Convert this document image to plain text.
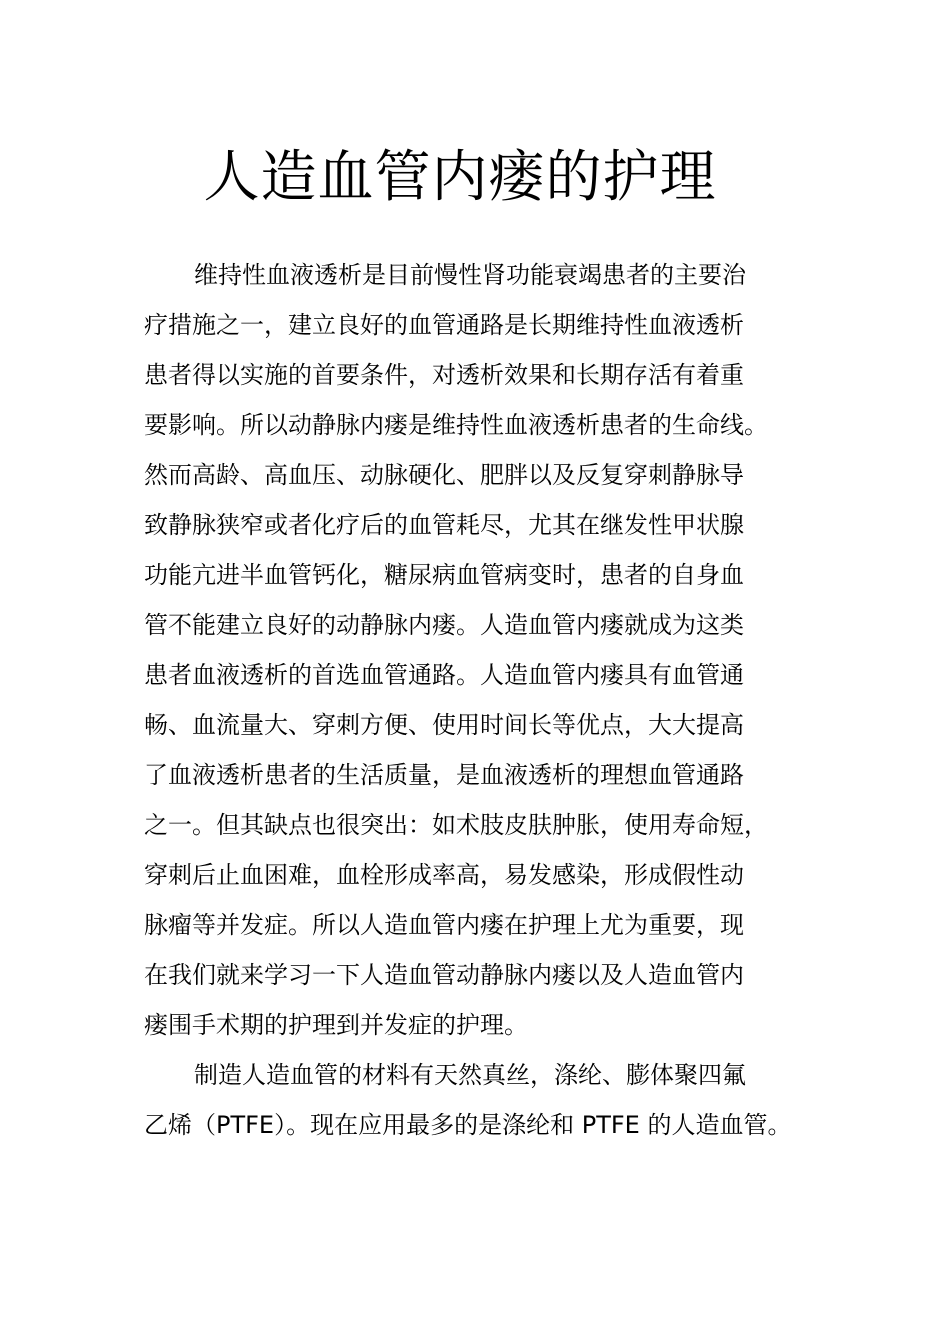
人造血管内瘘的护理
维持性血液透析是目前慢性肾功能衰竭患者的主要治
疗措施之一，建立良好的血管通路是长期维持性血液透析
患者得以实施的首要条件，对透析效果和长期存活有着重
要影响。所以动静脉内瘘是维持性血液透析患者的生命线。
然而高龄、高血压、动脉硬化、肥胖以及反复穿刺静脉导
致静脉狭窄或者化疗后的血管耗尽，尤其在继发性甲状腺
功能亢进半血管钙化，糖尿病血管病变时，患者的自身血
管不能建立良好的动静脉内瘘。人造血管内瘘就成为这类
患者血液透析的首选血管通路。人造血管内瘘具有血管通
畅、血流量大、穿刺方便、使用时间长等优点，大大提高
了血液透析患者的生活质量，是血液透析的理想血管通路
之一。但其缺点也很突出：如术肢皮肤肿胀，使用寿命短，
穿刺后止血困难，血栓形成率高，易发感染，形成假性动
脉瘤等并发症。所以人造血管内瘘在护理上尤为重要，现
在我们就来学习一下人造血管动静脉内瘘以及人造血管内
瘘围手术期的护理到并发症的护理。
制造人造血管的材料有天然真丝，涤纶、膨体聚四氟
乙烯（PTFE）。现在应用最多的是涤纶和 PTFE 的人造血管。
